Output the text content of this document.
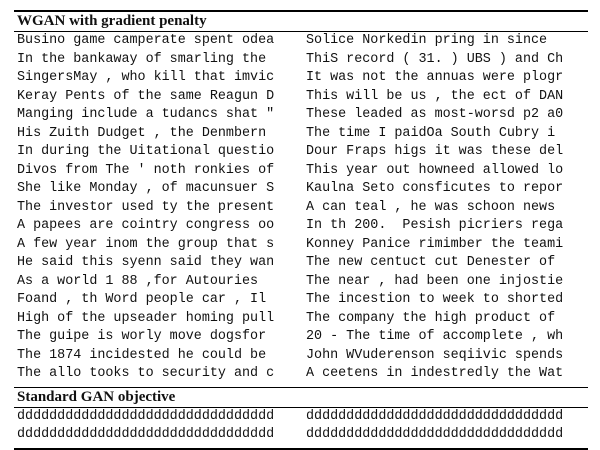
WGAN with gradient penalty
Busino game camperate spent odea
In the bankaway of smarling the
SingersMay , who kill that imvic
Keray Pents of the same Reagun D
Manging include a tudancs shat "
His Zuith Dudget , the Denmbern
In during the Uitational questio
Divos from The ' noth ronkies of
She like Monday , of macunsuer S
The investor used ty the present
A papees are cointry congress oo
A few year inom the group that s
He said this syenn said they wan
As a world 1 88 ,for Autouries
Foand , th Word people car , Il
High of the upseader homing pull
The guipe is worly move dogsfor
The 1874 incidested he could be
The allo tooks to security and c
Solice Norkedin pring in since
ThiS record ( 31. ) UBS ) and Ch
It was not the annuas were plogr
This will be us , the ect of DAN
These leaded as most-worsd p2 a0
The time I paidOa South Cubry i
Dour Fraps higs it was these del
This year out howneed allowed lo
Kaulna Seto consficutes to repor
A can teal , he was schoon news
In th 200.  Pesish picriers rega
Konney Panice rimimber the teami
The new centuct cut Denester of
The near , had been one injostie
The incestion to week to shorted
The company the high product of
20 - The time of accomplete , wh
John WVuderenson seqiivic spends
A ceetens in indestredly the Wat
Standard GAN objective
dddddddddddddddddddddddddddddddd
dddddddddddddddddddddddddddddddd
dddddddddddddddddddddddddddddddd
dddddddddddddddddddddddddddddddd
